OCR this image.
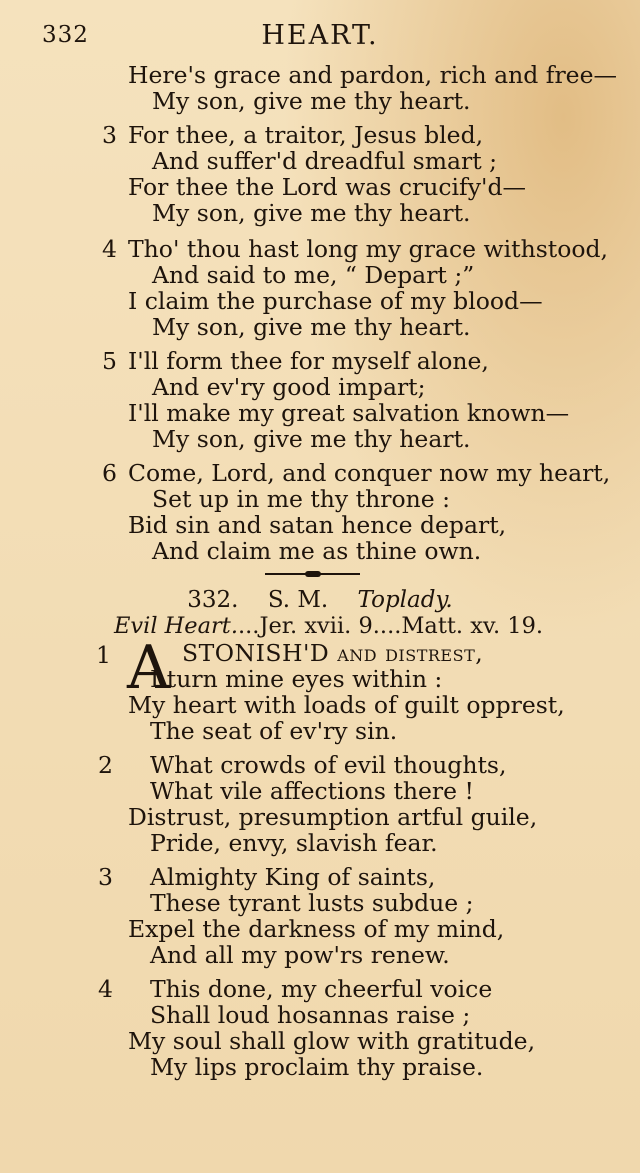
332	HEART.
Here's grace and pardon, rich and free—
My son, give me thy heart.
3 For thee, a traitor, Jesus bled,
And suffer'd dreadful smart ;
For thee the Lord was crucify'd—
My son, give me thy heart.
4 Tho' thou hast long my grace withstood,
And said to me, “ Depart ;”
I claim the purchase of my blood—
My son, give me thy heart.
5 I'll form thee for myself alone,
And ev'ry good impart;
I'll make my great salvation known—
My son, give me thy heart.
6 Come, Lord, and conquer now my heart,
Set up in me thy throne :
Bid sin and satan hence depart,
And claim me as thine own.
332. S. M. Toplady.
Evil Heart....Jer. xvii. 9....Matt. xv. 19.
1 A STONISH'D and distrest,
I turn mine eyes within :
My heart with loads of guilt opprest,
The seat of ev'ry sin.
2 What crowds of evil thoughts,
What vile affections there !
Distrust, presumption artful guile,
Pride, envy, slavish fear.
3 Almighty King of saints,
These tyrant lusts subdue ;
Expel the darkness of my mind,
And all my pow'rs renew.
4 This done, my cheerful voice
Shall loud hosannas raise ;
My soul shall glow with gratitude,
My lips proclaim thy praise.
